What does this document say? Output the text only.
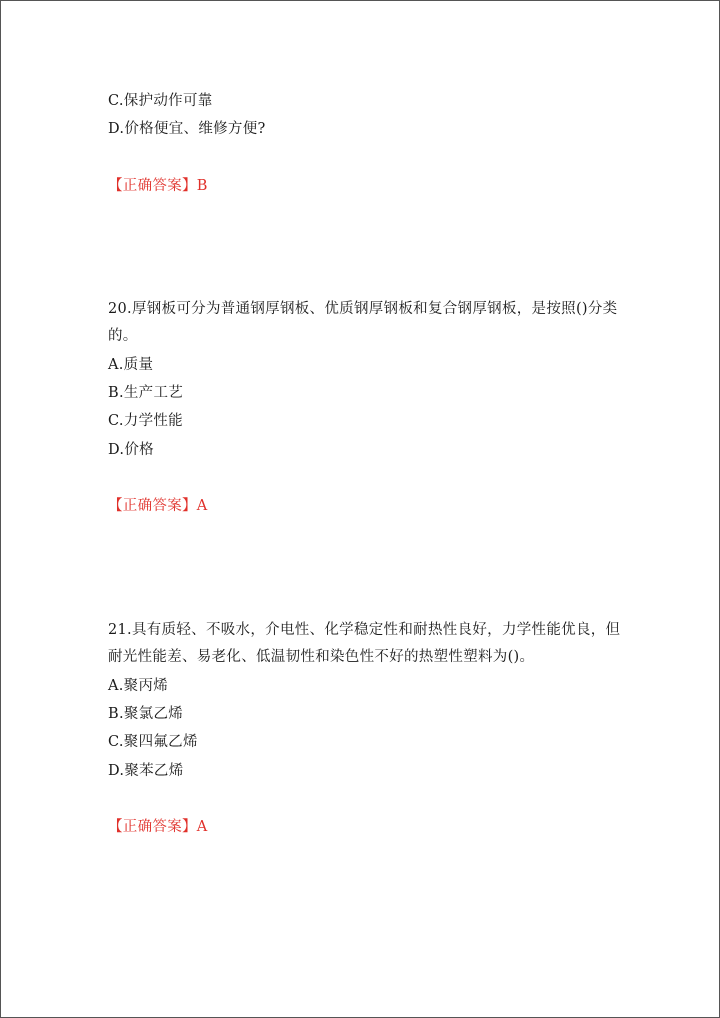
C.保护动作可靠
D.价格便宜、维修方便?
【正确答案】B
20.厚钢板可分为普通钢厚钢板、优质钢厚钢板和复合钢厚钢板，是按照()分类
的。
A.质量
B.生产工艺
C.力学性能
D.价格
【正确答案】A
21.具有质轻、不吸水，介电性、化学稳定性和耐热性良好，力学性能优良，但
耐光性能差、易老化、低温韧性和染色性不好的热塑性塑料为()。
A.聚丙烯
B.聚氯乙烯
C.聚四氟乙烯
D.聚苯乙烯
【正确答案】A
